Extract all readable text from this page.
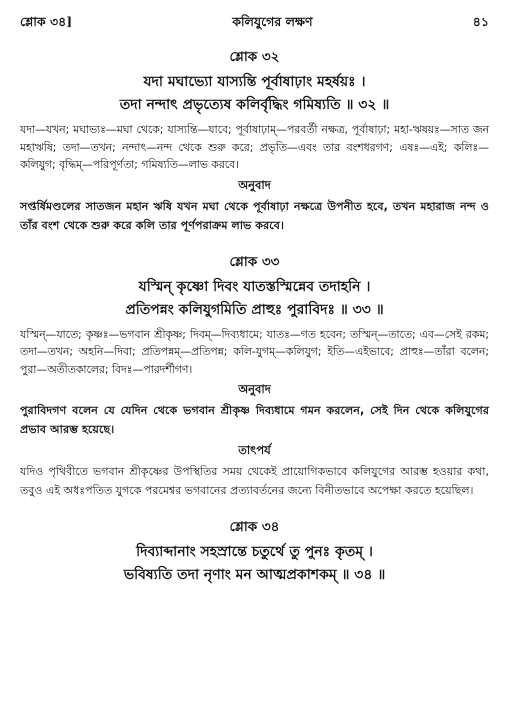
শ্লোক ৩৪]	কলিযুগের লক্ষণ	৪১
শ্লোক ৩২
যদা মঘাভ্যো যাস্যন্তি পূর্বাষাঢ়াং মহর্ষয়ঃ ।
তদা নন্দাৎ প্রভৃত্যেষ কলির্বৃদ্ধিং গমিষ্যতি ॥ ৩২ ॥
যদা—যখন; মঘাভ্যঃ—মঘা থেকে; যাস্যন্তি—যাবে; পূর্বাষাঢ়াম্—পরবর্তী নক্ষত্র, পূর্বাষাঢ়া; মহা-ঋষয়ঃ—সাত জন মহাঋষি; তদা—তখন; নন্দাৎ—নন্দ থেকে শুরু করে; প্রভৃতি—এবং তার বংশধরগণ; এষঃ—এই; কলিঃ—কলিযুগ; বৃদ্ধিম্—পরিপূর্ণতা; গমিষ্যতি—লাভ করবে।
অনুবাদ
সপ্তর্ষিমণ্ডলের সাতজন মহান ঋষি যখন মঘা থেকে পূর্বাষাঢ়া নক্ষত্রে উপনীত হবে, তখন মহারাজ নন্দ ও তাঁর বংশ থেকে শুরু করে কলি তার পূর্ণপরাক্রম লাভ করবে।
শ্লোক ৩৩
যস্মিন্ কৃষ্ণো দিবং যাতস্তস্মিন্নেব তদাহনি ।
প্রতিপন্নং কলিযুগমিতি প্রাহুঃ পুরাবিদঃ ॥ ৩৩ ॥
যস্মিন্—যাতে; কৃষ্ণঃ—ভগবান শ্রীকৃষ্ণ; দিবম্—দিব্যধামে; যাতঃ—গত হবেন; তস্মিন্—তাতে; এব—সেই রকম; তদা—তখন; অহনি—দিবা; প্রতিপন্নম্—প্রতিপন্ন; কলি-যুগম্—কলিযুগ; ইতি—এইভাবে; প্রাহুঃ—তাঁরা বলেন; পুরা—অতীতকালের; বিদঃ—পারদর্শীগণ।
অনুবাদ
পুরাবিদগণ বলেন যে যেদিন থেকে ভগবান শ্রীকৃষ্ণ দিব্যধামে গমন করলেন, সেই দিন থেকে কলিযুগের প্রভাব আরম্ভ হয়েছে।
তাৎপর্য
যদিও পৃথিবীতে ভগবান শ্রীকৃষ্ণের উপস্থিতির সময় থেকেই প্রায়োগিকভাবে কলিযুগের আরম্ভ হওয়ার কথা, তবুও এই অধঃপতিত যুগকে পরমেশ্বর ভগবানের প্রত্যাবর্তনের জন্যে বিনীতভাবে অপেক্ষা করতে হয়েছিল।
শ্লোক ৩৪
দিব্যাব্দানাং সহস্রান্তে চতুর্থে তু পুনঃ কৃতম্ ।
ভবিষ্যতি তদা নৃণাং মন আত্মপ্রকাশকম্ ॥ ৩৪ ॥
